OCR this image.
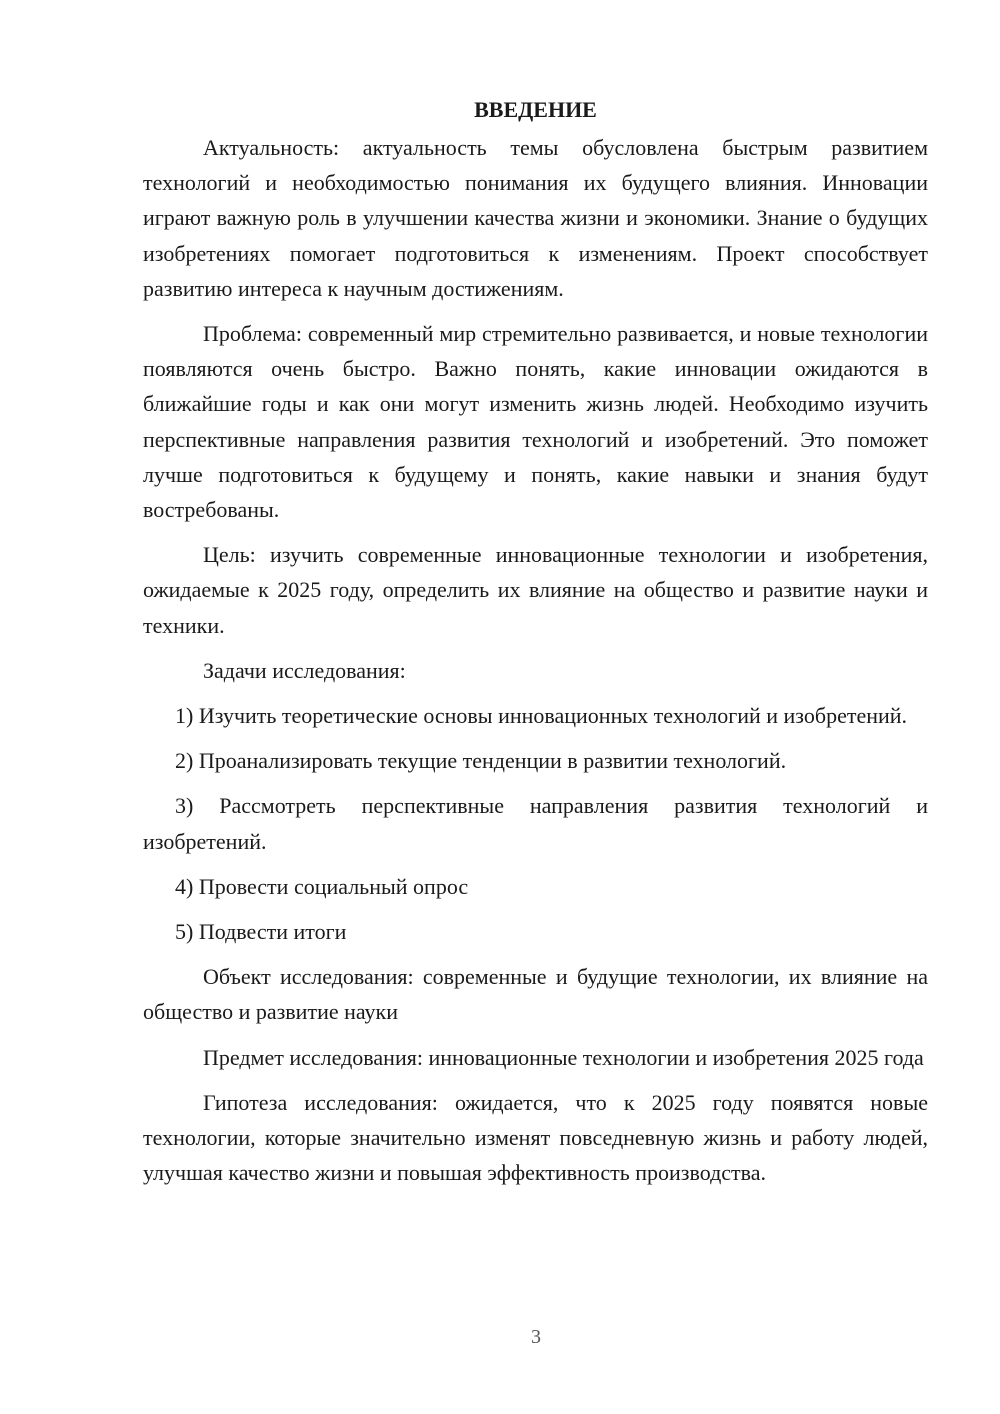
ВВЕДЕНИЕ

Актуальность: актуальность темы обусловлена быстрым развитием технологий и необходимостью понимания их будущего влияния. Инновации играют важную роль в улучшении качества жизни и экономики. Знание о будущих изобретениях помогает подготовиться к изменениям. Проект способствует развитию интереса к научным достижениям.

Проблема: современный мир стремительно развивается, и новые технологии появляются очень быстро. Важно понять, какие инновации ожидаются в ближайшие годы и как они могут изменить жизнь людей. Необходимо изучить перспективные направления развития технологий и изобретений. Это поможет лучше подготовиться к будущему и понять, какие навыки и знания будут востребованы.

Цель: изучить современные инновационные технологии и изобретения, ожидаемые к 2025 году, определить их влияние на общество и развитие науки и техники.

Задачи исследования:

1) Изучить теоретические основы инновационных технологий и изобретений.

2) Проанализировать текущие тенденции в развитии технологий.

3) Рассмотреть перспективные направления развития технологий и изобретений.

4) Провести социальный опрос

5) Подвести итоги

Объект исследования: современные и будущие технологии, их влияние на общество и развитие науки

Предмет исследования: инновационные технологии и изобретения 2025 года

Гипотеза исследования: ожидается, что к 2025 году появятся новые технологии, которые значительно изменят повседневную жизнь и работу людей, улучшая качество жизни и повышая эффективность производства.

3
